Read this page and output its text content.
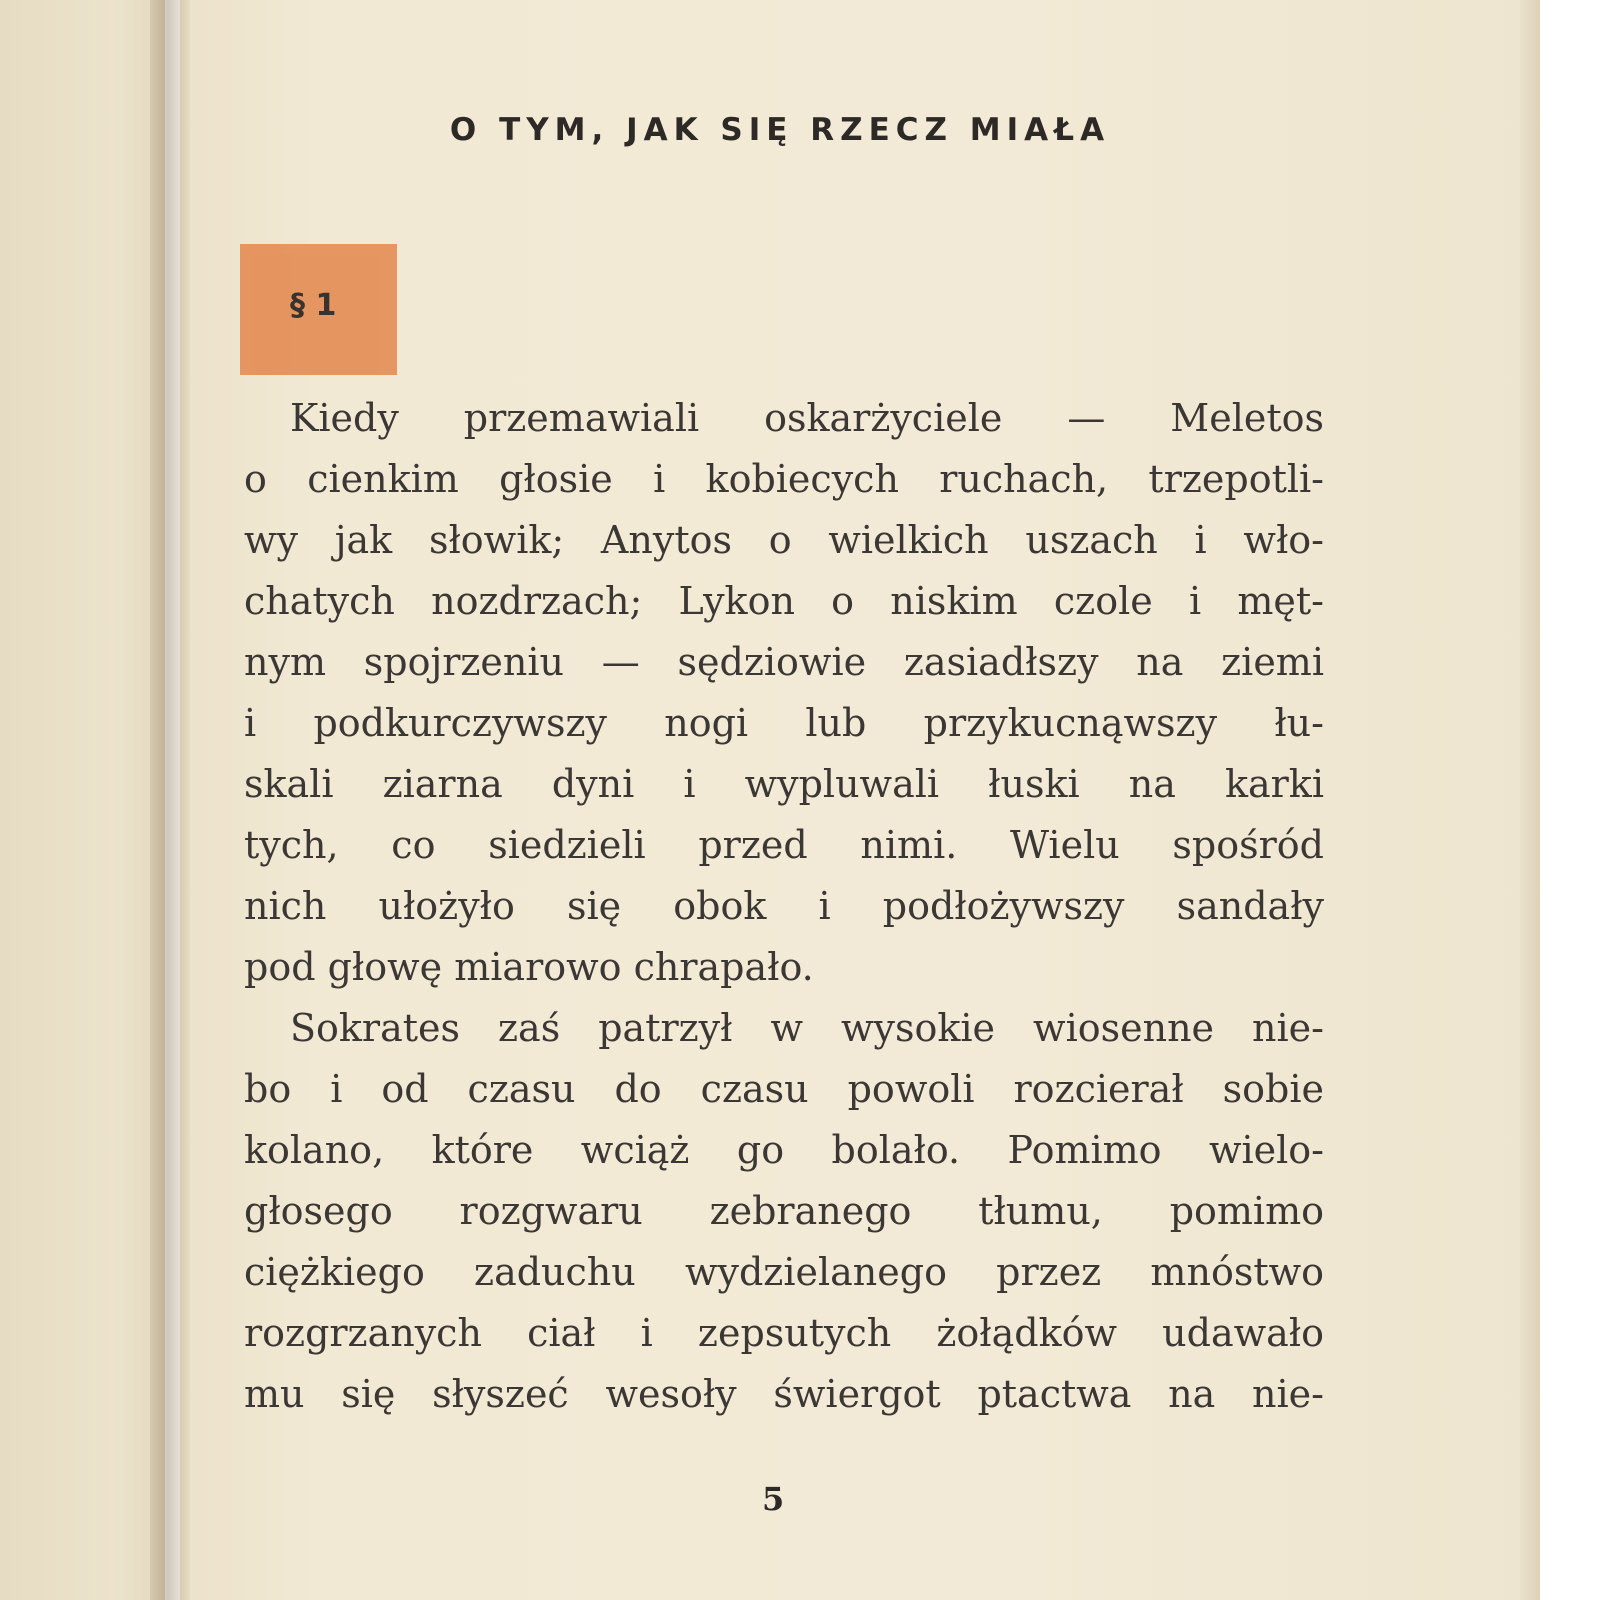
O TYM, JAK SIĘ RZECZ MIAŁA
§ 1
Kiedy przemawiali oskarżyciele — Meletos
o cienkim głosie i kobiecych ruchach, trzepotli-
wy jak słowik; Anytos o wielkich uszach i wło-
chatych nozdrzach; Lykon o niskim czole i męt-
nym spojrzeniu — sędziowie zasiadłszy na ziemi
i podkurczywszy nogi lub przykucnąwszy łu-
skali ziarna dyni i wypluwali łuski na karki
tych, co siedzieli przed nimi. Wielu spośród
nich ułożyło się obok i podłożywszy sandały
pod głowę miarowo chrapało.
Sokrates zaś patrzył w wysokie wiosenne nie-
bo i od czasu do czasu powoli rozcierał sobie
kolano, które wciąż go bolało. Pomimo wielo-
głosego rozgwaru zebranego tłumu, pomimo
ciężkiego zaduchu wydzielanego przez mnóstwo
rozgrzanych ciał i zepsutych żołądków udawało
mu się słyszeć wesoły świergot ptactwa na nie-
5
